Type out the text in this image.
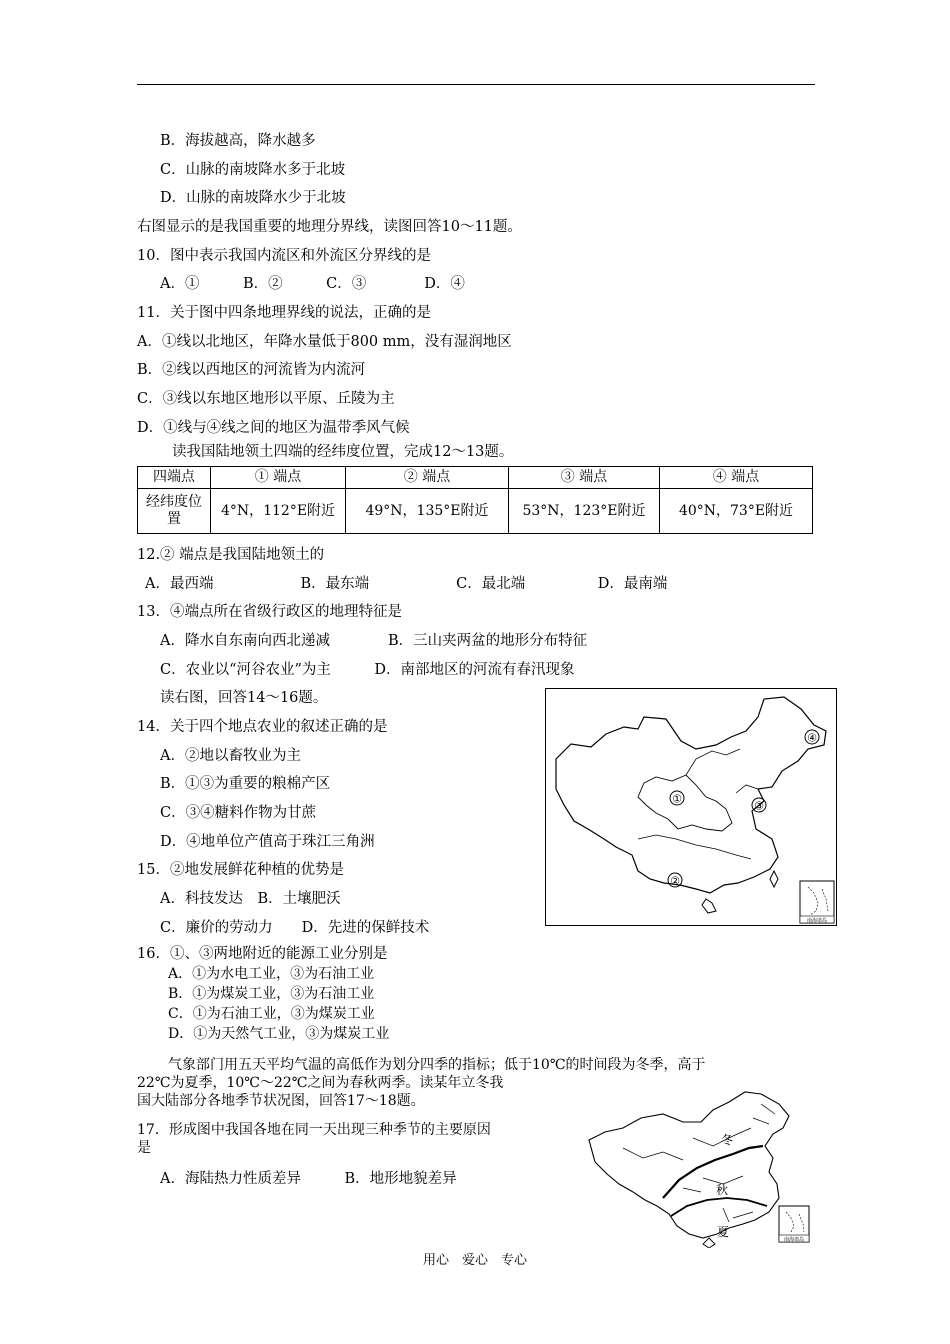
B．海拔越高，降水越多
C．山脉的南坡降水多于北坡
D．山脉的南坡降水少于北坡
右图显示的是我国重要的地理分界线，读图回答10～11题。
10．图中表示我国内流区和外流区分界线的是
A．①　　　B．②　　　C．③　　　　D．④
11．关于图中四条地理界线的说法，正确的是
A．①线以北地区，年降水量低于800 mm，没有湿润地区
B．②线以西地区的河流皆为内流河
C．③线以东地区地形以平原、丘陵为主
D．①线与④线之间的地区为温带季风气候
读我国陆地领土四端的经纬度位置，完成12～13题。
四端点	① 端点	② 端点	③ 端点	④ 端点
经纬度位置	4°N，112°E附近	49°N，135°E附近	53°N，123°E附近	40°N，73°E附近
12.② 端点是我国陆地领土的
A．最西端　　　　　　B．最东端　　　　　　C．最北端　　　　　D．最南端
13．④端点所在省级行政区的地理特征是
A．降水自东南向西北递减　　　　B．三山夹两盆的地形分布特征
C．农业以“河谷农业”为主　　　D．南部地区的河流有春汛现象
读右图，回答14～16题。
14．关于四个地点农业的叙述正确的是
A．②地以畜牧业为主
B．①③为重要的粮棉产区
C．③④糖料作物为甘蔗
D．④地单位产值高于珠江三角洲
15．②地发展鲜花种植的优势是
A．科技发达　B．土壤肥沃
C．廉价的劳动力　　D．先进的保鲜技术
16．①、③两地附近的能源工业分别是
A．①为水电工业，③为石油工业
B．①为煤炭工业，③为石油工业
C．①为石油工业，③为煤炭工业
D．①为天然气工业，③为煤炭工业
气象部门用五天平均气温的高低作为划分四季的指标；低于10℃的时间段为冬季，高于
22℃为夏季，10℃～22℃之间为春秋两季。读某年立冬我
国大陆部分各地季节状况图，回答17～18题。
17．形成图中我国各地在同一天出现三种季节的主要原因
是
A．海陆热力性质差异　　　B．地形地貌差异
①
②
③
④
南海诸岛
冬
秋
夏
南海诸岛
用心　爱心　专心
